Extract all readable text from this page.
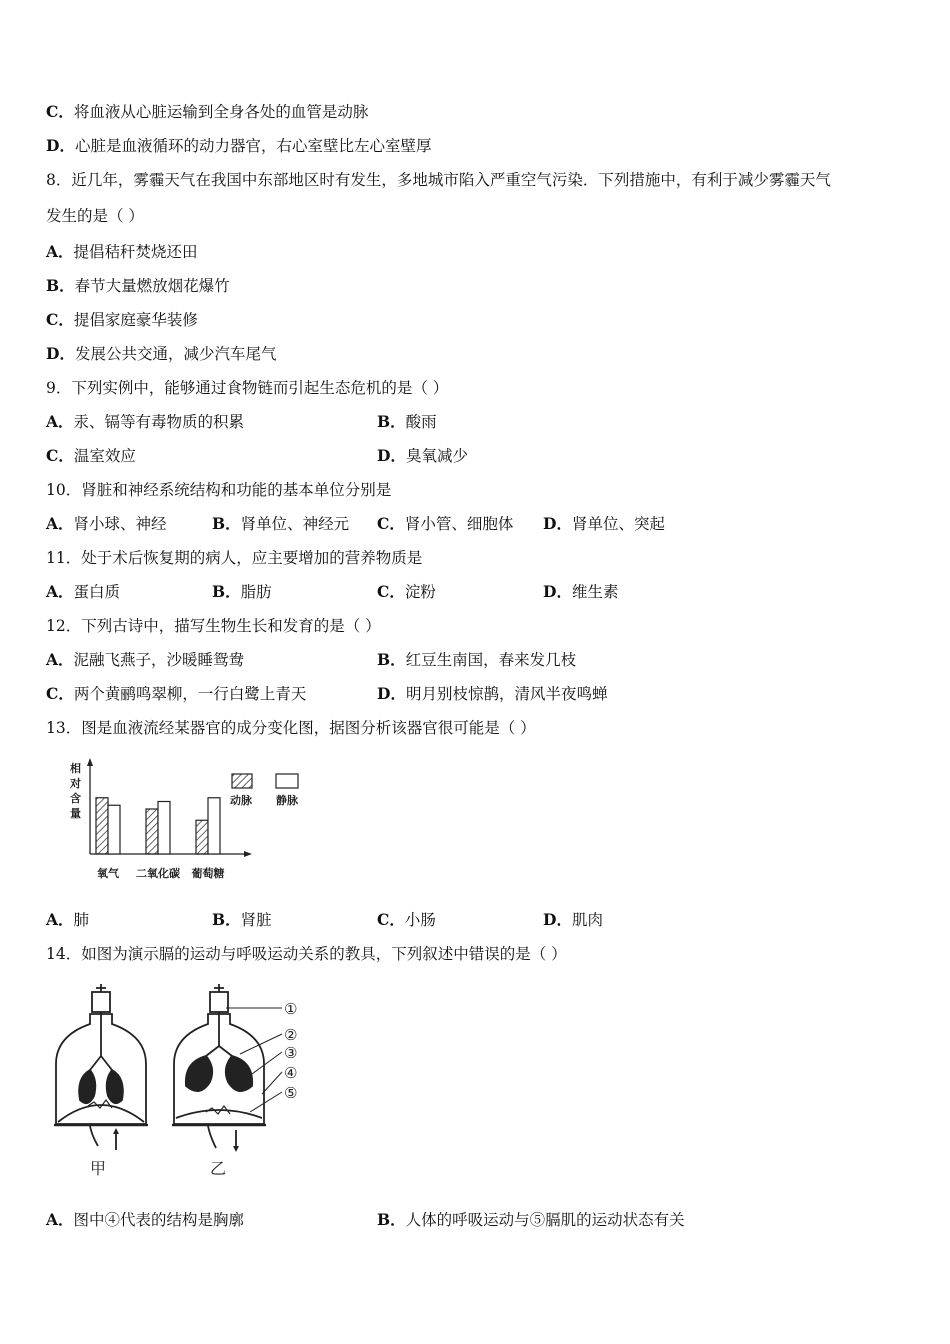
C．将血液从心脏运输到全身各处的血管是动脉
D．心脏是血液循环的动力器官，右心室壁比左心室壁厚
8．近几年，雾霾天气在我国中东部地区时有发生，多地城市陷入严重空气污染．下列措施中，有利于减少雾霾天气
发生的是（ ）
A．提倡秸秆焚烧还田
B．春节大量燃放烟花爆竹
C．提倡家庭豪华装修
D．发展公共交通，减少汽车尾气
9．下列实例中，能够通过食物链而引起生态危机的是（ ）
A．汞、镉等有毒物质的积累	B．酸雨
C．温室效应	D．臭氧减少
10．肾脏和神经系统结构和功能的基本单位分别是
A．肾小球、神经	B．肾单位、神经元 C．肾小管、细胞体 D．肾单位、突起
11．处于术后恢复期的病人，应主要增加的营养物质是
A．蛋白质	B．脂肪	C．淀粉	D．维生素
12．下列古诗中，描写生物生长和发育的是（ ）
A．泥融飞燕子，沙暖睡鸳鸯	B．红豆生南国，春来发几枝
C．两个黄鹂鸣翠柳，一行白鹭上青天	D．明月别枝惊鹊，清风半夜鸣蝉
13．图是血液流经某器官的成分变化图，据图分析该器官很可能是（ ）
相对含量
氧气 二氧化碳 葡萄糖
动脉 静脉
A．肺	B．肾脏	C．小肠	D．肌肉
14．如图为演示膈的运动与呼吸运动关系的教具，下列叙述中错误的是（ ）
甲	乙
①
②
③
④
⑤
A．图中④代表的结构是胸廓	B．人体的呼吸运动与⑤膈肌的运动状态有关
